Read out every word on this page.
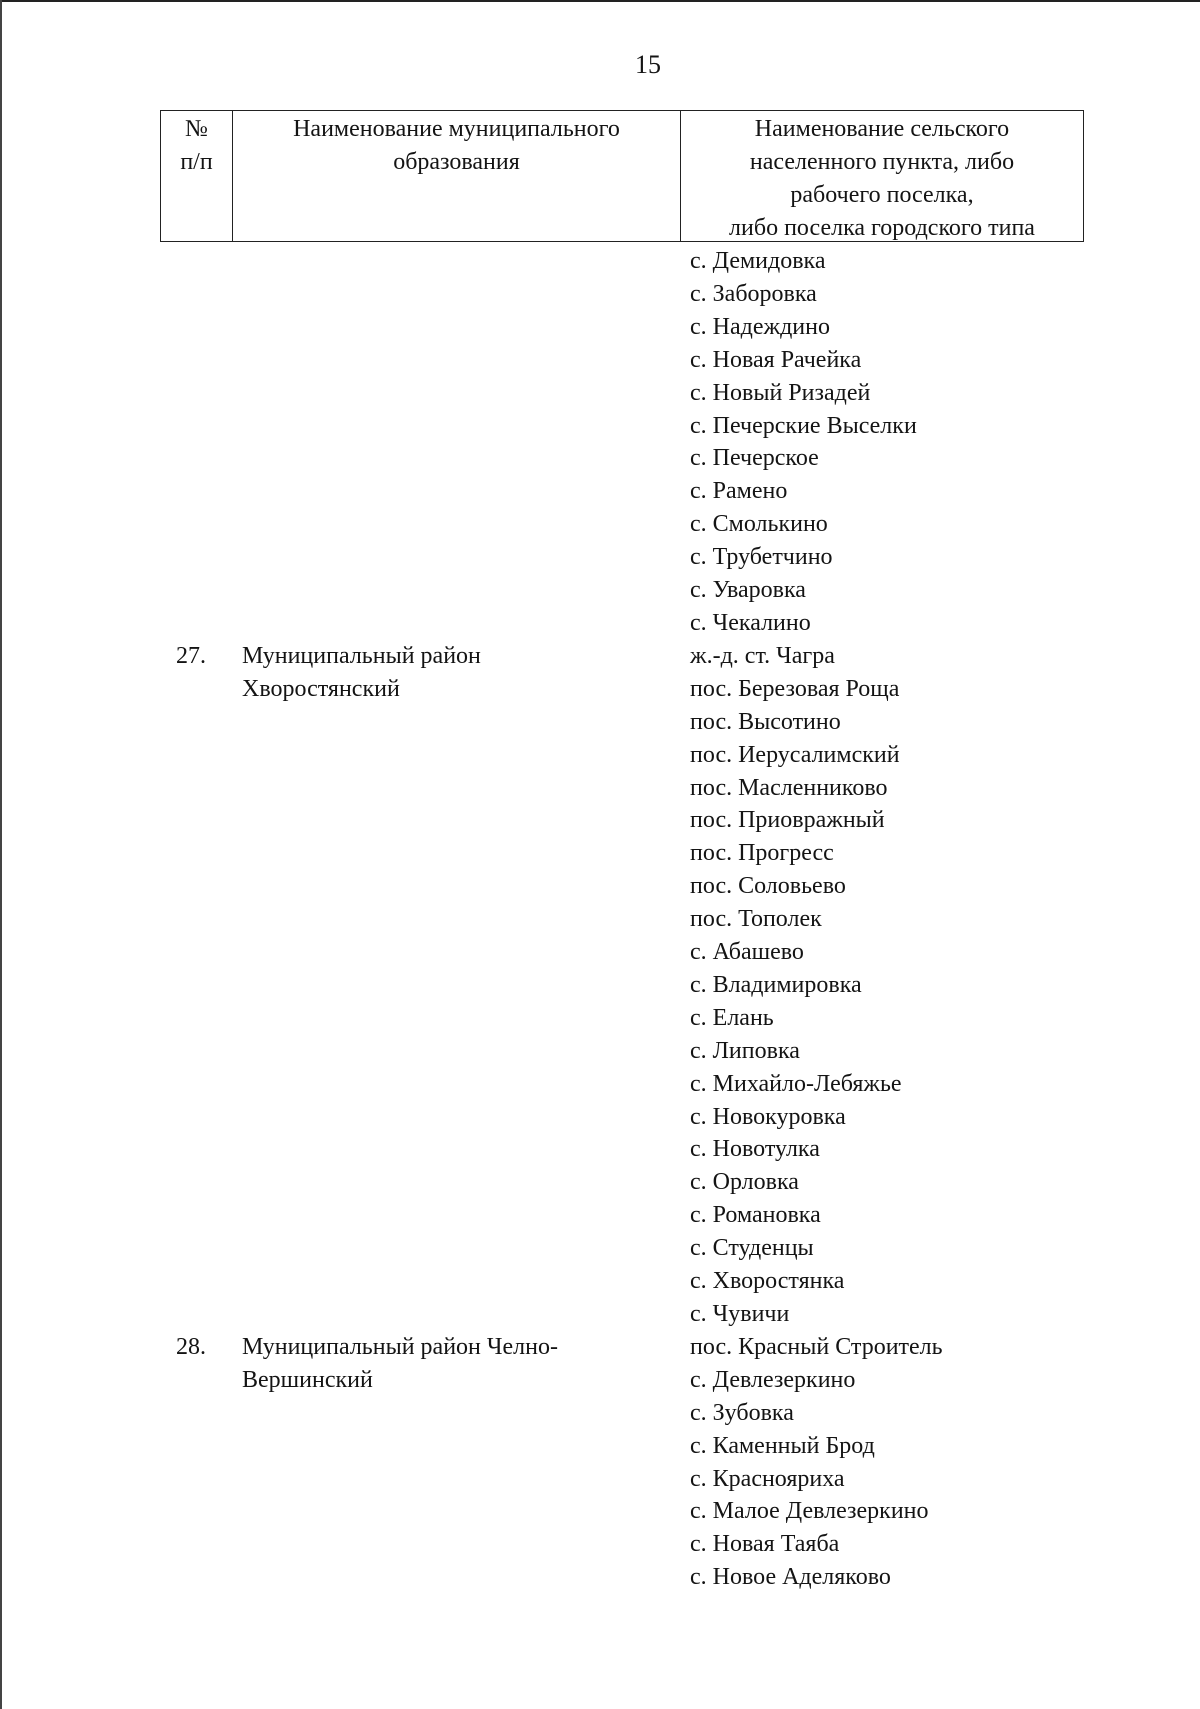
15
№
п/п
Наименование муниципального
образования
Наименование сельского
населенного пункта, либо
рабочего поселка,
либо поселка городского типа
с. Демидовка
с. Заборовка
с. Надеждино
с. Новая Рачейка
с. Новый Ризадей
с. Печерские Выселки
с. Печерское
с. Рамено
с. Смолькино
с. Трубетчино
с. Уваровка
с. Чекалино
27.	Муниципальный район
Хворостянский
ж.-д. ст. Чагра
пос. Березовая Роща
пос. Высотино
пос. Иерусалимский
пос. Масленниково
пос. Приовражный
пос. Прогресс
пос. Соловьево
пос. Тополек
с. Абашево
с. Владимировка
с. Елань
с. Липовка
с. Михайло-Лебяжье
с. Новокуровка
с. Новотулка
с. Орловка
с. Романовка
с. Студенцы
с. Хворостянка
с. Чувичи
28.	Муниципальный район Челно-
Вершинский
пос. Красный Строитель
с. Девлезеркино
с. Зубовка
с. Каменный Брод
с. Краснояриха
с. Малое Девлезеркино
с. Новая Таяба
с. Новое Аделяково
